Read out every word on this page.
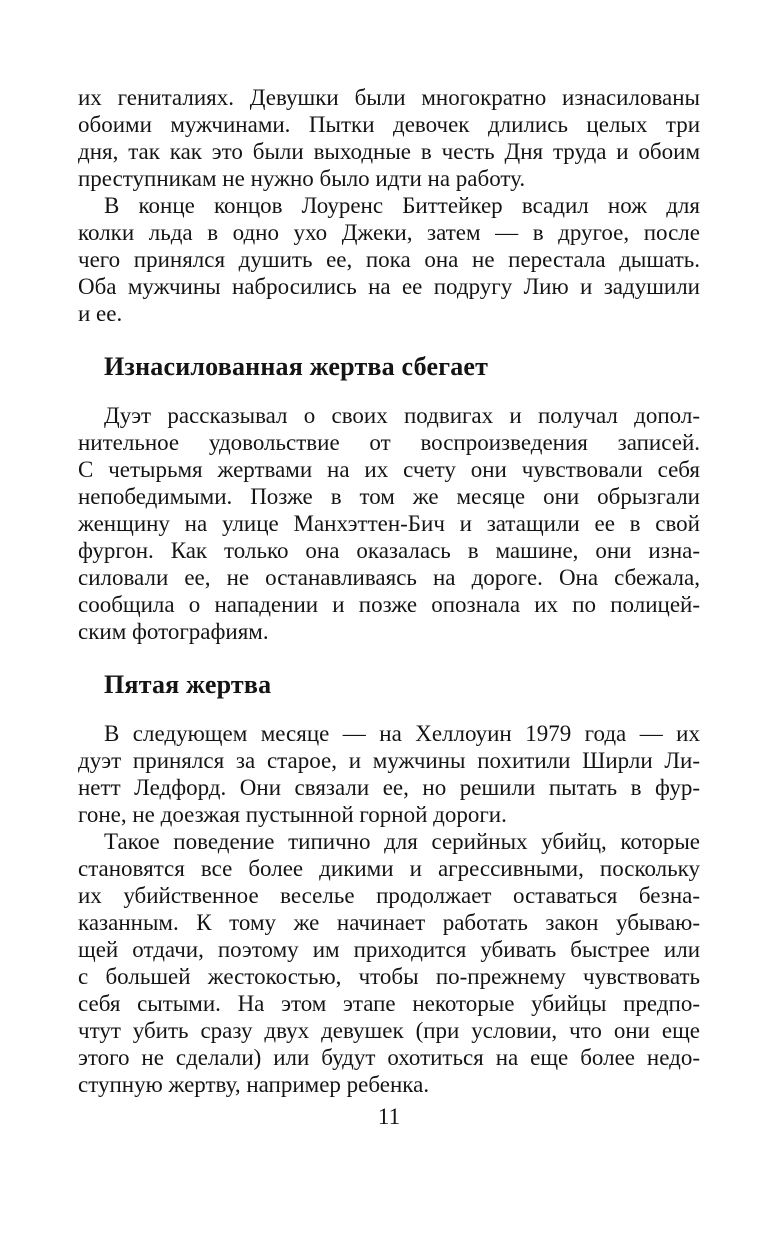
их гениталиях. Девушки были многократно изнасилованы
обоими мужчинами. Пытки девочек длились целых три
дня, так как это были выходные в честь Дня труда и обоим
преступникам не нужно было идти на работу.
В конце концов Лоуренс Биттейкер всадил нож для
колки льда в одно ухо Джеки, затем — в другое, после
чего принялся душить ее, пока она не перестала дышать.
Оба мужчины набросились на ее подругу Лию и задушили
и ее.
Изнасилованная жертва сбегает
Дуэт рассказывал о своих подвигах и получал допол-
нительное удовольствие от воспроизведения записей.
С четырьмя жертвами на их счету они чувствовали себя
непобедимыми. Позже в том же месяце они обрызгали
женщину на улице Манхэттен-Бич и затащили ее в свой
фургон. Как только она оказалась в машине, они изна-
силовали ее, не останавливаясь на дороге. Она сбежала,
сообщила о нападении и позже опознала их по полицей-
ским фотографиям.
Пятая жертва
В следующем месяце — на Хеллоуин 1979 года — их
дуэт принялся за старое, и мужчины похитили Ширли Ли-
нетт Ледфорд. Они связали ее, но решили пытать в фур-
гоне, не доезжая пустынной горной дороги.
Такое поведение типично для серийных убийц, которые
становятся все более дикими и агрессивными, поскольку
их убийственное веселье продолжает оставаться безна-
казанным. К тому же начинает работать закон убываю-
щей отдачи, поэтому им приходится убивать быстрее или
с большей жестокостью, чтобы по-прежнему чувствовать
себя сытыми. На этом этапе некоторые убийцы предпо-
чтут убить сразу двух девушек (при условии, что они еще
этого не сделали) или будут охотиться на еще более недо-
ступную жертву, например ребенка.
11
